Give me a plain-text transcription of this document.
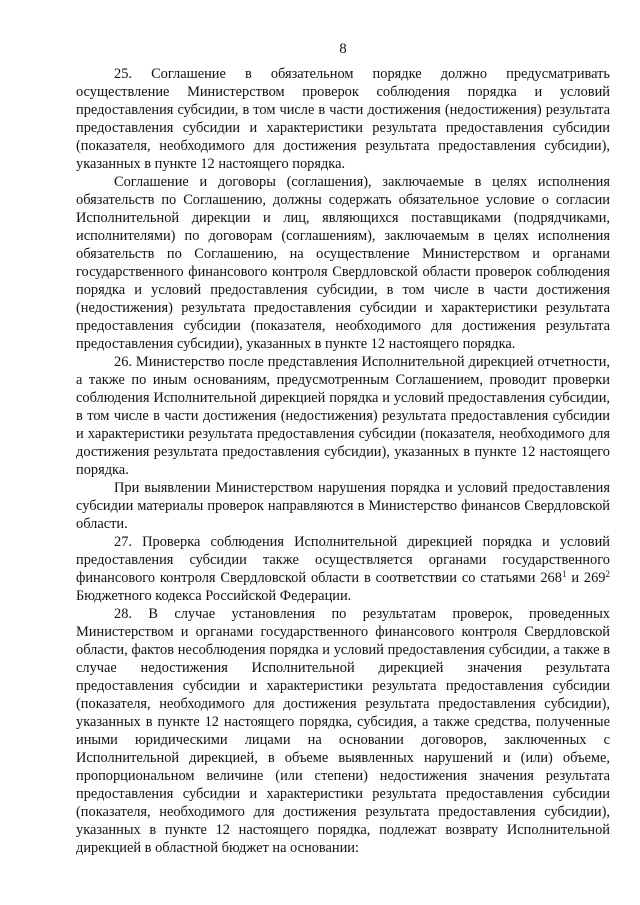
8

25. Соглашение в обязательном порядке должно предусматривать осуществление Министерством проверок соблюдения порядка и условий предоставления субсидии, в том числе в части достижения (недостижения) результата предоставления субсидии и характеристики результата предоставления субсидии (показателя, необходимого для достижения результата предоставления субсидии), указанных в пункте 12 настоящего порядка.

Соглашение и договоры (соглашения), заключаемые в целях исполнения обязательств по Соглашению, должны содержать обязательное условие о согласии Исполнительной дирекции и лиц, являющихся поставщиками (подрядчиками, исполнителями) по договорам (соглашениям), заключаемым в целях исполнения обязательств по Соглашению, на осуществление Министерством и органами государственного финансового контроля Свердловской области проверок соблюдения порядка и условий предоставления субсидии, в том числе в части достижения (недостижения) результата предоставления субсидии и характеристики результата предоставления субсидии (показателя, необходимого для достижения результата предоставления субсидии), указанных в пункте 12 настоящего порядка.

26. Министерство после представления Исполнительной дирекцией отчетности, а также по иным основаниям, предусмотренным Соглашением, проводит проверки соблюдения Исполнительной дирекцией порядка и условий предоставления субсидии, в том числе в части достижения (недостижения) результата предоставления субсидии и характеристики результата предоставления субсидии (показателя, необходимого для достижения результата предоставления субсидии), указанных в пункте 12 настоящего порядка.

При выявлении Министерством нарушения порядка и условий предоставления субсидии материалы проверок направляются в Министерство финансов Свердловской области.

27. Проверка соблюдения Исполнительной дирекцией порядка и условий предоставления субсидии также осуществляется органами государственного финансового контроля Свердловской области в соответствии со статьями $268^1$ и $269^2$ Бюджетного кодекса Российской Федерации.

28. В случае установления по результатам проверок, проведенных Министерством и органами государственного финансового контроля Свердловской области, фактов несоблюдения порядка и условий предоставления субсидии, а также в случае недостижения Исполнительной дирекцией значения результата предоставления субсидии и характеристики результата предоставления субсидии (показателя, необходимого для достижения результата предоставления субсидии), указанных в пункте 12 настоящего порядка, субсидия, а также средства, полученные иными юридическими лицами на основании договоров, заключенных с Исполнительной дирекцией, в объеме выявленных нарушений и (или) объеме, пропорциональном величине (или степени) недостижения значения результата предоставления субсидии и характеристики результата предоставления субсидии (показателя, необходимого для достижения результата предоставления субсидии), указанных в пункте 12 настоящего порядка, подлежат возврату Исполнительной дирекцией в областной бюджет на основании:
